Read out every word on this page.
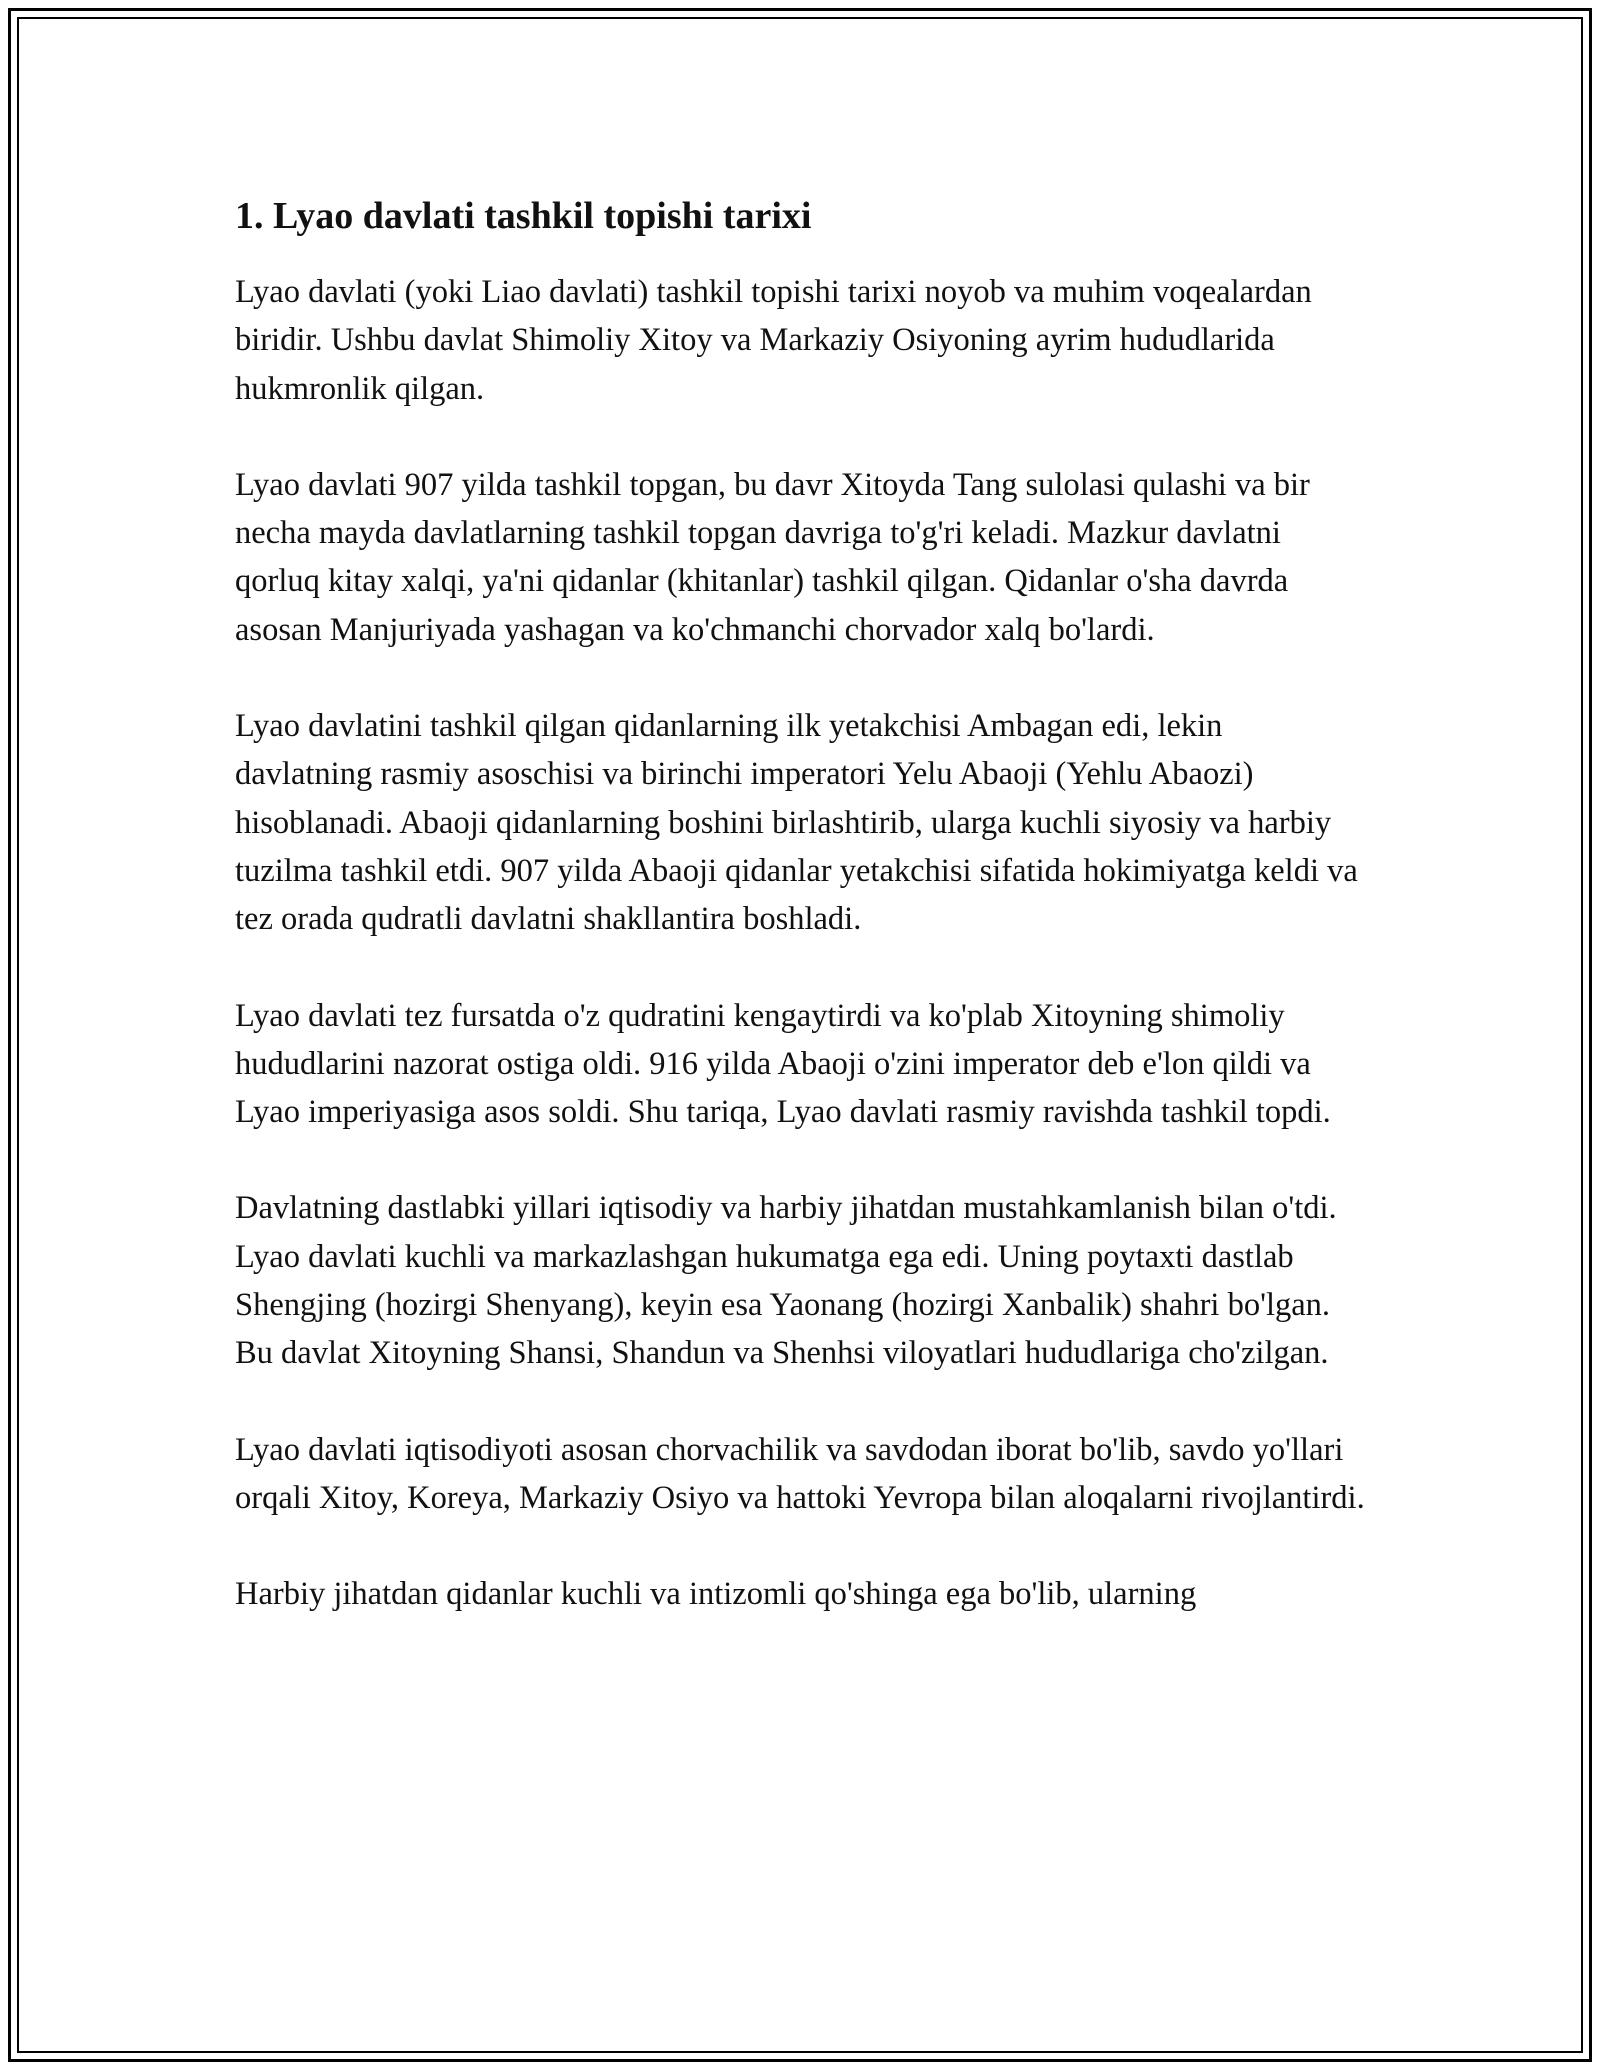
1. Lyao davlati tashkil topishi tarixi

Lyao davlati (yoki Liao davlati) tashkil topishi tarixi noyob va muhim voqealardan biridir. Ushbu davlat Shimoliy Xitoy va Markaziy Osiyoning ayrim hududlarida hukmronlik qilgan.

Lyao davlati 907 yilda tashkil topgan, bu davr Xitoyda Tang sulolasi qulashi va bir necha mayda davlatlarning tashkil topgan davriga to'g'ri keladi. Mazkur davlatni qorluq kitay xalqi, ya'ni qidanlar (khitanlar) tashkil qilgan. Qidanlar o'sha davrda asosan Manjuriyada yashagan va ko'chmanchi chorvador xalq bo'lardi.

Lyao davlatini tashkil qilgan qidanlarning ilk yetakchisi Ambagan edi, lekin davlatning rasmiy asoschisi va birinchi imperatori Yelu Abaoji (Yehlu Abaozi) hisoblanadi. Abaoji qidanlarning boshini birlashtirib, ularga kuchli siyosiy va harbiy tuzilma tashkil etdi. 907 yilda Abaoji qidanlar yetakchisi sifatida hokimiyatga keldi va tez orada qudratli davlatni shakllantira boshladi.

Lyao davlati tez fursatda o'z qudratini kengaytirdi va ko'plab Xitoyning shimoliy hududlarini nazorat ostiga oldi. 916 yilda Abaoji o'zini imperator deb e'lon qildi va Lyao imperiyasiga asos soldi. Shu tariqa, Lyao davlati rasmiy ravishda tashkil topdi.

Davlatning dastlabki yillari iqtisodiy va harbiy jihatdan mustahkamlanish bilan o'tdi. Lyao davlati kuchli va markazlashgan hukumatga ega edi. Uning poytaxti dastlab Shengjing (hozirgi Shenyang), keyin esa Yaonang (hozirgi Xanbalik) shahri bo'lgan. Bu davlat Xitoyning Shansi, Shandun va Shenhsi viloyatlari hududlariga cho'zilgan.

Lyao davlati iqtisodiyoti asosan chorvachilik va savdodan iborat bo'lib, savdo yo'llari orqali Xitoy, Koreya, Markaziy Osiyo va hattoki Yevropa bilan aloqalarni rivojlantirdi.

Harbiy jihatdan qidanlar kuchli va intizomli qo'shinga ega bo'lib, ularning
